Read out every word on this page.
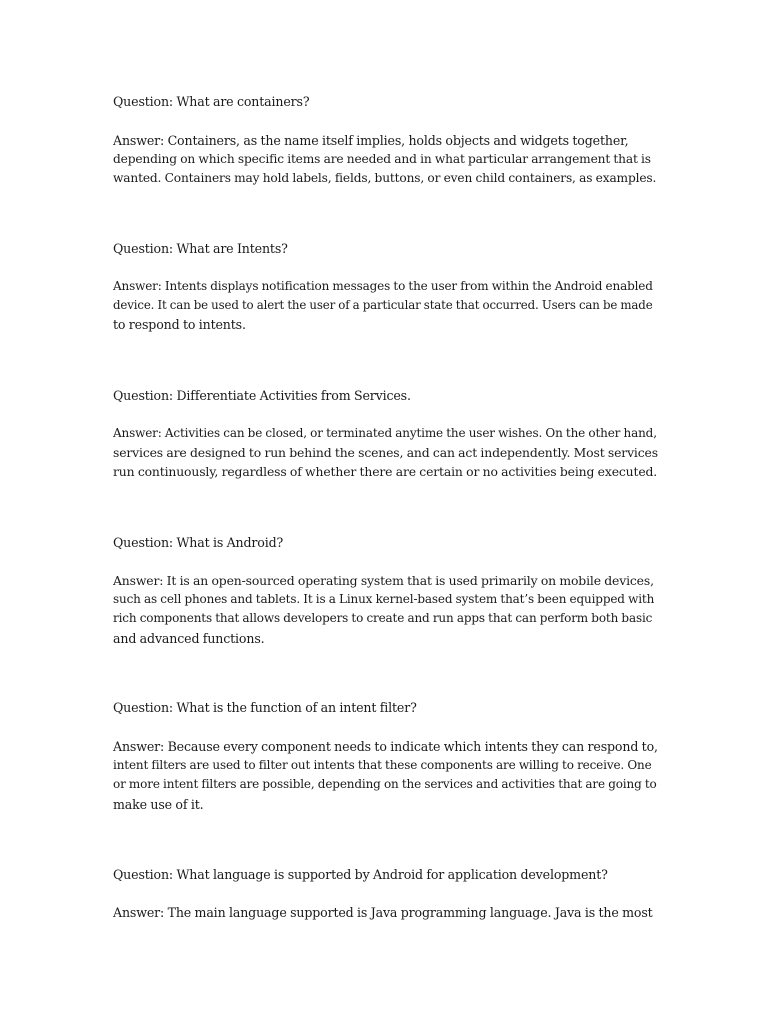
Question: What are containers?
Answer: Containers, as the name itself implies, holds objects and widgets together,
depending on which specific items are needed and in what particular arrangement that is
wanted. Containers may hold labels, fields, buttons, or even child containers, as examples.
Question: What are Intents?
Answer: Intents displays notification messages to the user from within the Android enabled
device. It can be used to alert the user of a particular state that occurred. Users can be made
to respond to intents.
Question: Differentiate Activities from Services.
Answer: Activities can be closed, or terminated anytime the user wishes. On the other hand,
services are designed to run behind the scenes, and can act independently. Most services
run continuously, regardless of whether there are certain or no activities being executed.
Question: What is Android?
Answer: It is an open-sourced operating system that is used primarily on mobile devices,
such as cell phones and tablets. It is a Linux kernel-based system that’s been equipped with
rich components that allows developers to create and run apps that can perform both basic
and advanced functions.
Question: What is the function of an intent filter?
Answer: Because every component needs to indicate which intents they can respond to,
intent filters are used to filter out intents that these components are willing to receive. One
or more intent filters are possible, depending on the services and activities that are going to
make use of it.
Question: What language is supported by Android for application development?
Answer: The main language supported is Java programming language. Java is the most
